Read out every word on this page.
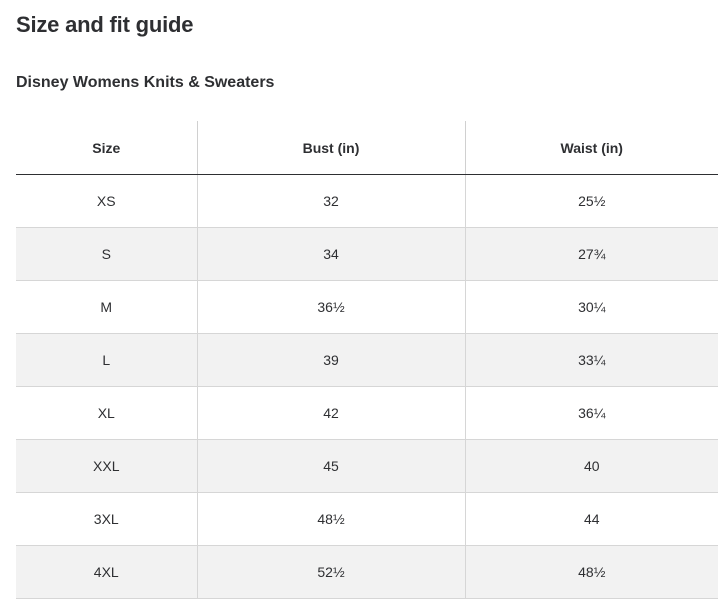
Size and fit guide
Disney Womens Knits & Sweaters
Size	Bust (in)	Waist (in)
XS	32	25½
S	34	27¾
M	36½	30¼
L	39	33¼
XL	42	36¼
XXL	45	40
3XL	48½	44
4XL	52½	48½
